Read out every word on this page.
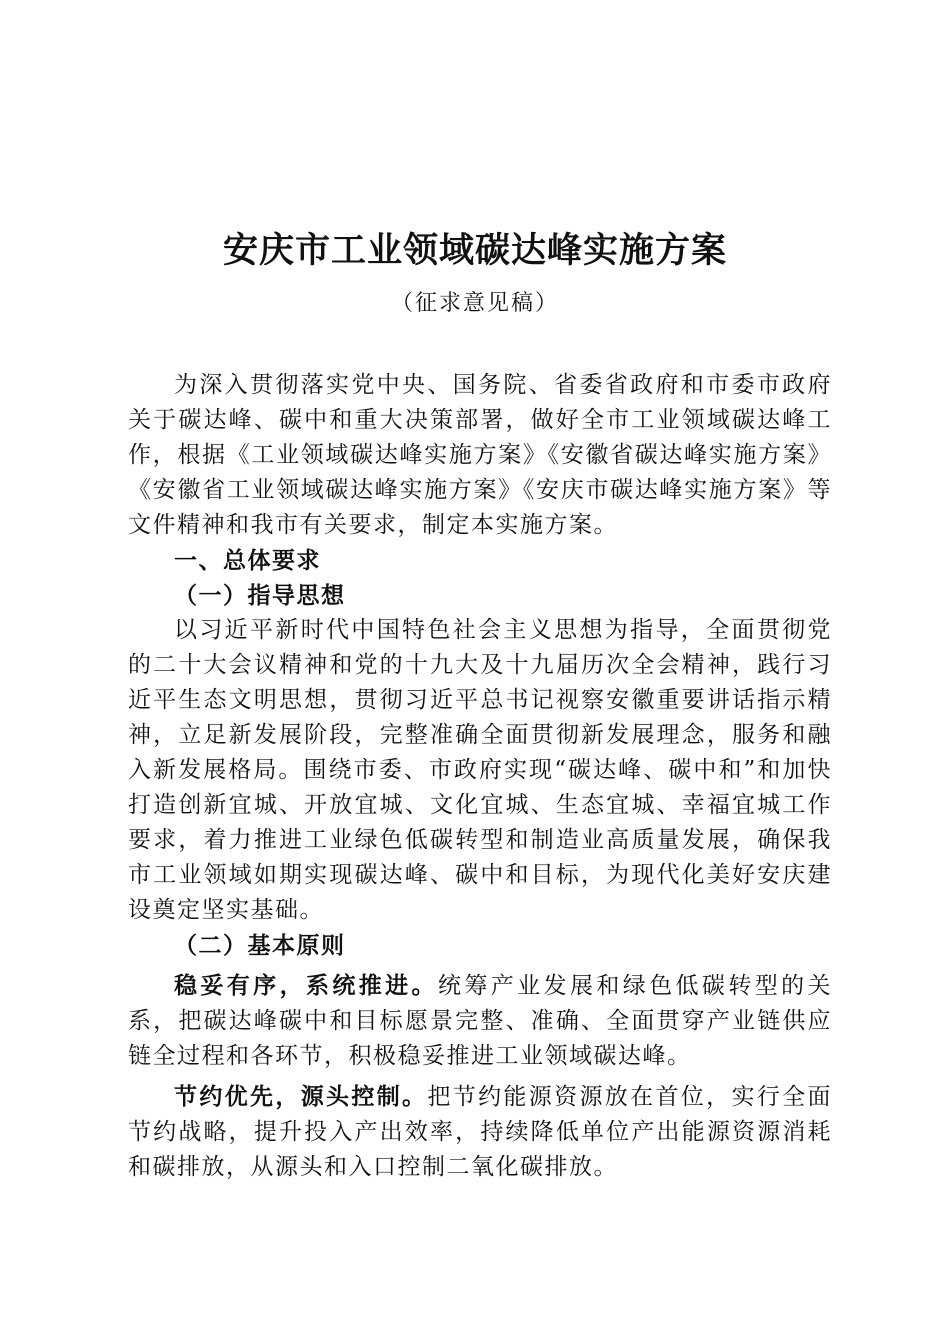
安庆市工业领域碳达峰实施方案

（征求意见稿）

为深入贯彻落实党中央、国务院、省委省政府和市委市政府关于碳达峰、碳中和重大决策部署，做好全市工业领域碳达峰工作，根据《工业领域碳达峰实施方案》《安徽省碳达峰实施方案》《安徽省工业领域碳达峰实施方案》《安庆市碳达峰实施方案》等文件精神和我市有关要求，制定本实施方案。

一、总体要求

（一）指导思想

以习近平新时代中国特色社会主义思想为指导，全面贯彻党的二十大会议精神和党的十九大及十九届历次全会精神，践行习近平生态文明思想，贯彻习近平总书记视察安徽重要讲话指示精神，立足新发展阶段，完整准确全面贯彻新发展理念，服务和融入新发展格局。围绕市委、市政府实现“碳达峰、碳中和”和加快打造创新宜城、开放宜城、文化宜城、生态宜城、幸福宜城工作要求，着力推进工业绿色低碳转型和制造业高质量发展，确保我市工业领域如期实现碳达峰、碳中和目标，为现代化美好安庆建设奠定坚实基础。

（二）基本原则

稳妥有序，系统推进。统筹产业发展和绿色低碳转型的关系，把碳达峰碳中和目标愿景完整、准确、全面贯穿产业链供应链全过程和各环节，积极稳妥推进工业领域碳达峰。

节约优先，源头控制。把节约能源资源放在首位，实行全面节约战略，提升投入产出效率，持续降低单位产出能源资源消耗和碳排放，从源头和入口控制二氧化碳排放。
